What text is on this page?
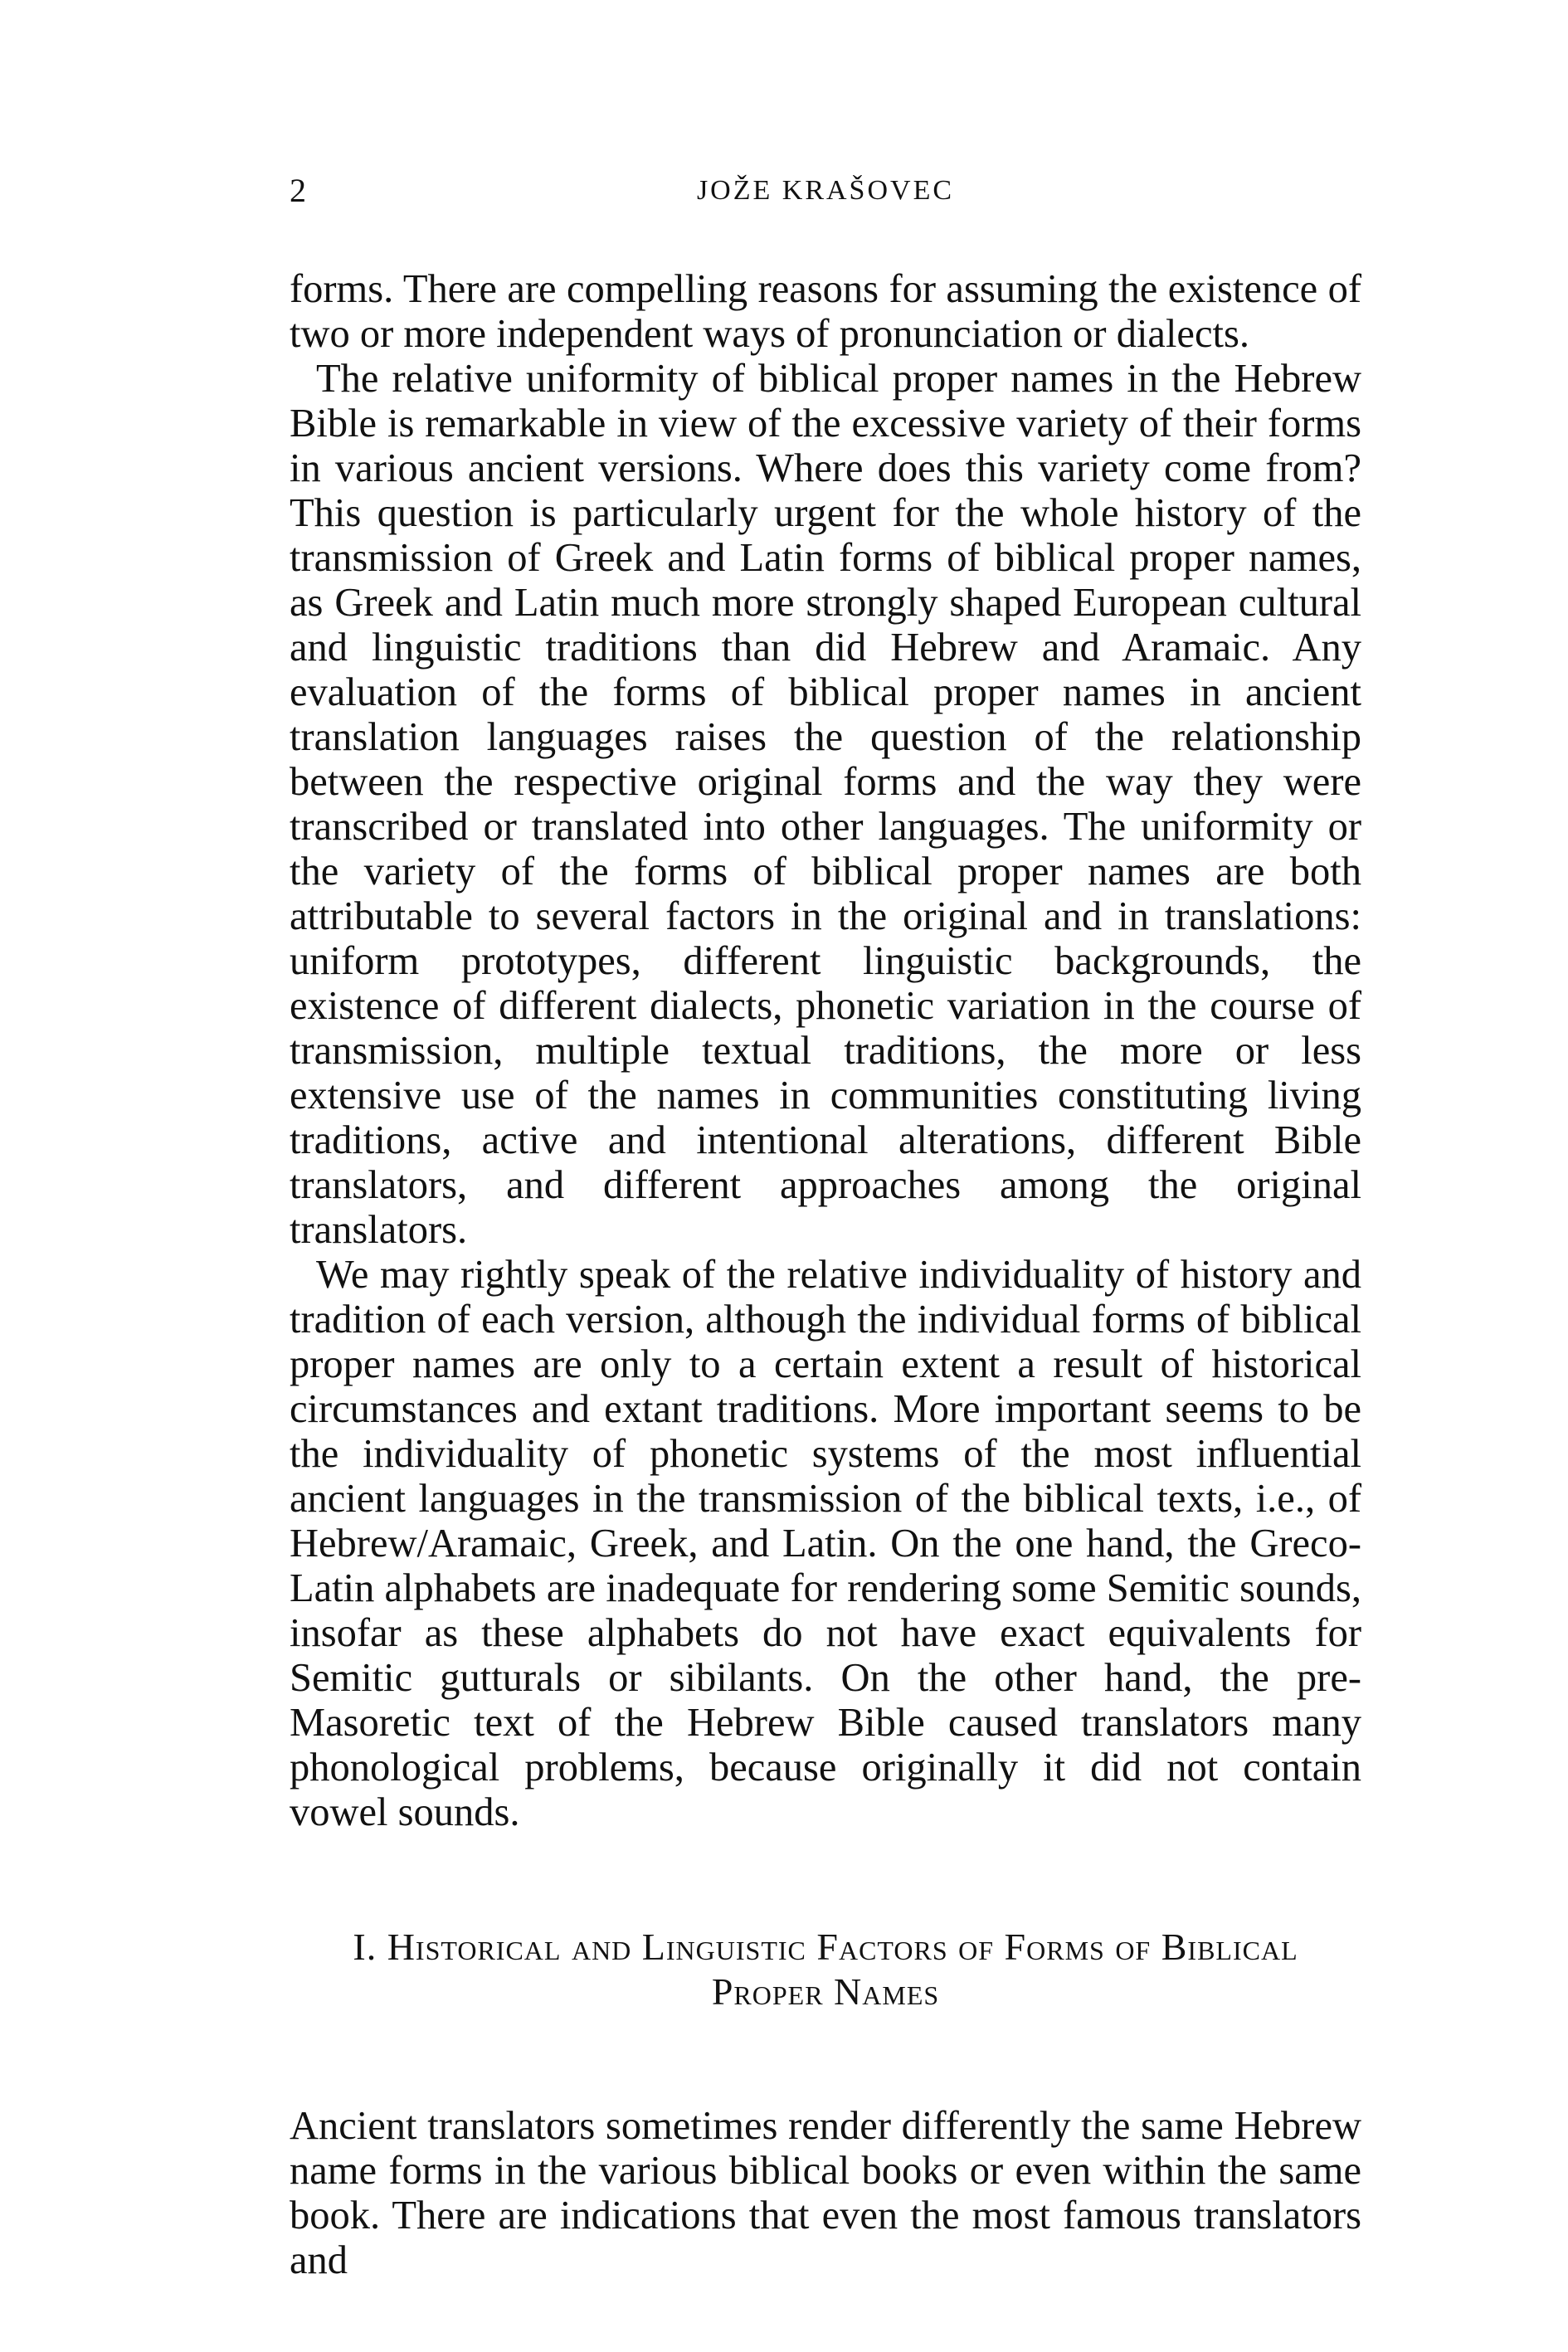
2	JOŽE KRAŠOVEC

forms. There are compelling reasons for assuming the existence of two or more independent ways of pronunciation or dialects.

The relative uniformity of biblical proper names in the Hebrew Bible is remarkable in view of the excessive variety of their forms in various ancient versions. Where does this variety come from? This question is particularly urgent for the whole history of the transmission of Greek and Latin forms of biblical proper names, as Greek and Latin much more strongly shaped European cultural and linguistic traditions than did Hebrew and Aramaic. Any evaluation of the forms of biblical proper names in ancient translation languages raises the question of the relationship between the respective original forms and the way they were transcribed or translated into other languages. The uniformity or the variety of the forms of biblical proper names are both attributable to several factors in the original and in translations: uniform prototypes, different linguistic backgrounds, the existence of different dialects, phonetic variation in the course of transmission, multiple textual traditions, the more or less extensive use of the names in communities constituting living traditions, active and intentional alterations, different Bible translators, and different approaches among the original translators.

We may rightly speak of the relative individuality of history and tradition of each version, although the individual forms of biblical proper names are only to a certain extent a result of historical circumstances and extant traditions. More important seems to be the individuality of phonetic systems of the most influential ancient languages in the transmission of the biblical texts, i.e., of Hebrew/Aramaic, Greek, and Latin. On the one hand, the Greco-Latin alphabets are inadequate for rendering some Semitic sounds, insofar as these alphabets do not have exact equivalents for Semitic gutturals or sibilants. On the other hand, the pre-Masoretic text of the Hebrew Bible caused translators many phonological problems, because originally it did not contain vowel sounds.

I. Historical and Linguistic Factors of Forms of Biblical
Proper Names

Ancient translators sometimes render differently the same Hebrew name forms in the various biblical books or even within the same book. There are indications that even the most famous translators and
